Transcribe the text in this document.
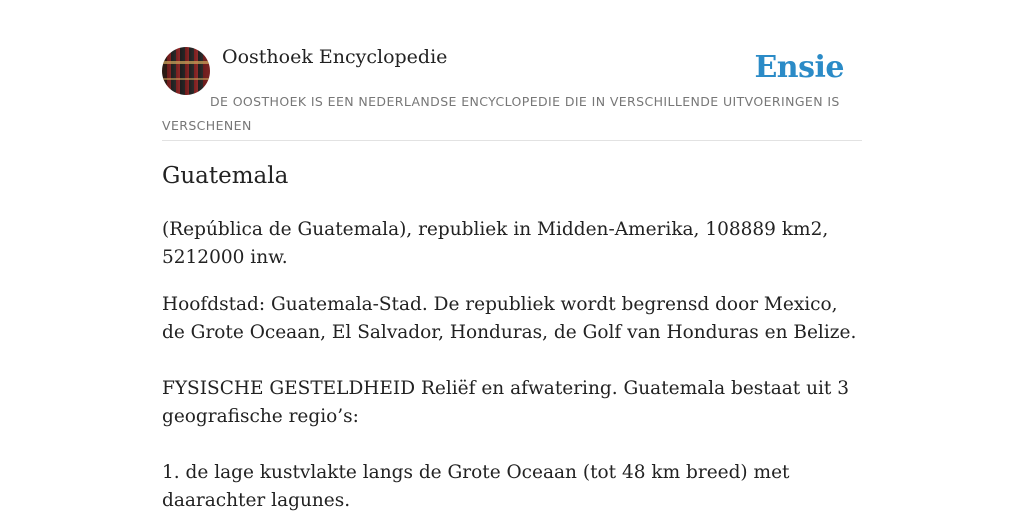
Oosthoek Encyclopedie	Ensie
DE OOSTHOEK IS EEN NEDERLANDSE ENCYCLOPEDIE DIE IN VERSCHILLENDE UITVOERINGEN IS VERSCHENEN
Guatemala

(República de Guatemala), republiek in Midden-Amerika, 108889 km2, 5212000 inw.

Hoofdstad: Guatemala-Stad. De republiek wordt begrensd door Mexico, de Grote Oceaan, El Salvador, Honduras, de Golf van Honduras en Belize.

FYSISCHE GESTELDHEID Reliëf en afwatering. Guatemala bestaat uit 3 geografische regio’s:

1. de lage kustvlakte langs de Grote Oceaan (tot 48 km breed) met daarachter lagunes.
